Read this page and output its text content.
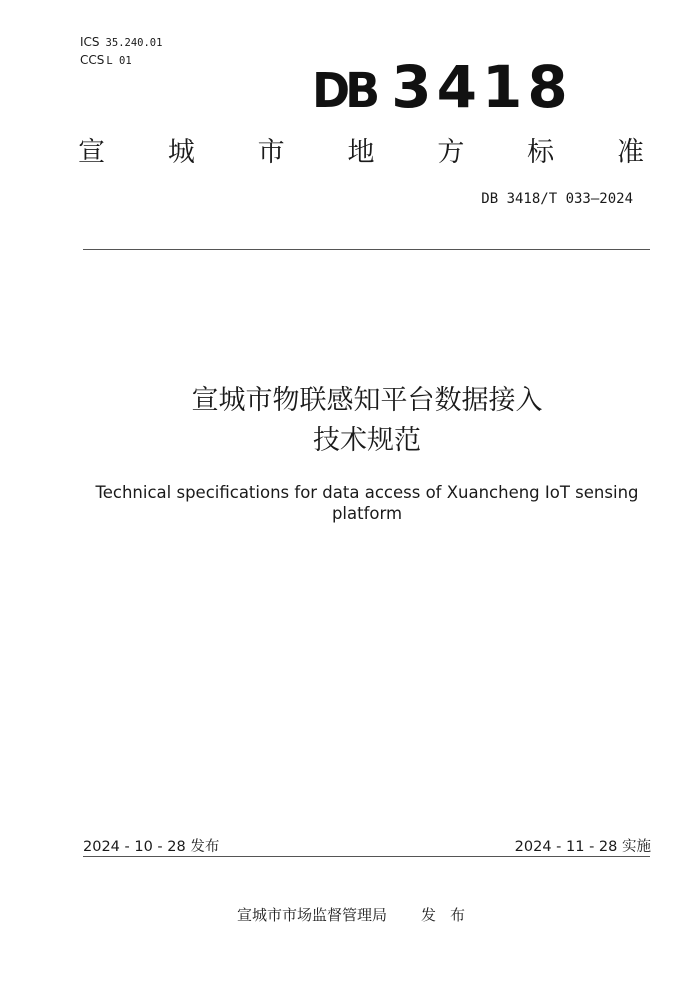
ICS 35.240.01
CCS L 01
DB 3418
宣 城 市 地 方 标 准
DB 3418/T 033—2024
宣城市物联感知平台数据接入
技术规范
Technical specifications for data access of Xuancheng IoT sensing platform
2024 - 10 - 28 发布	2024 - 11 - 28 实施
宣城市市场监督管理局 发布
